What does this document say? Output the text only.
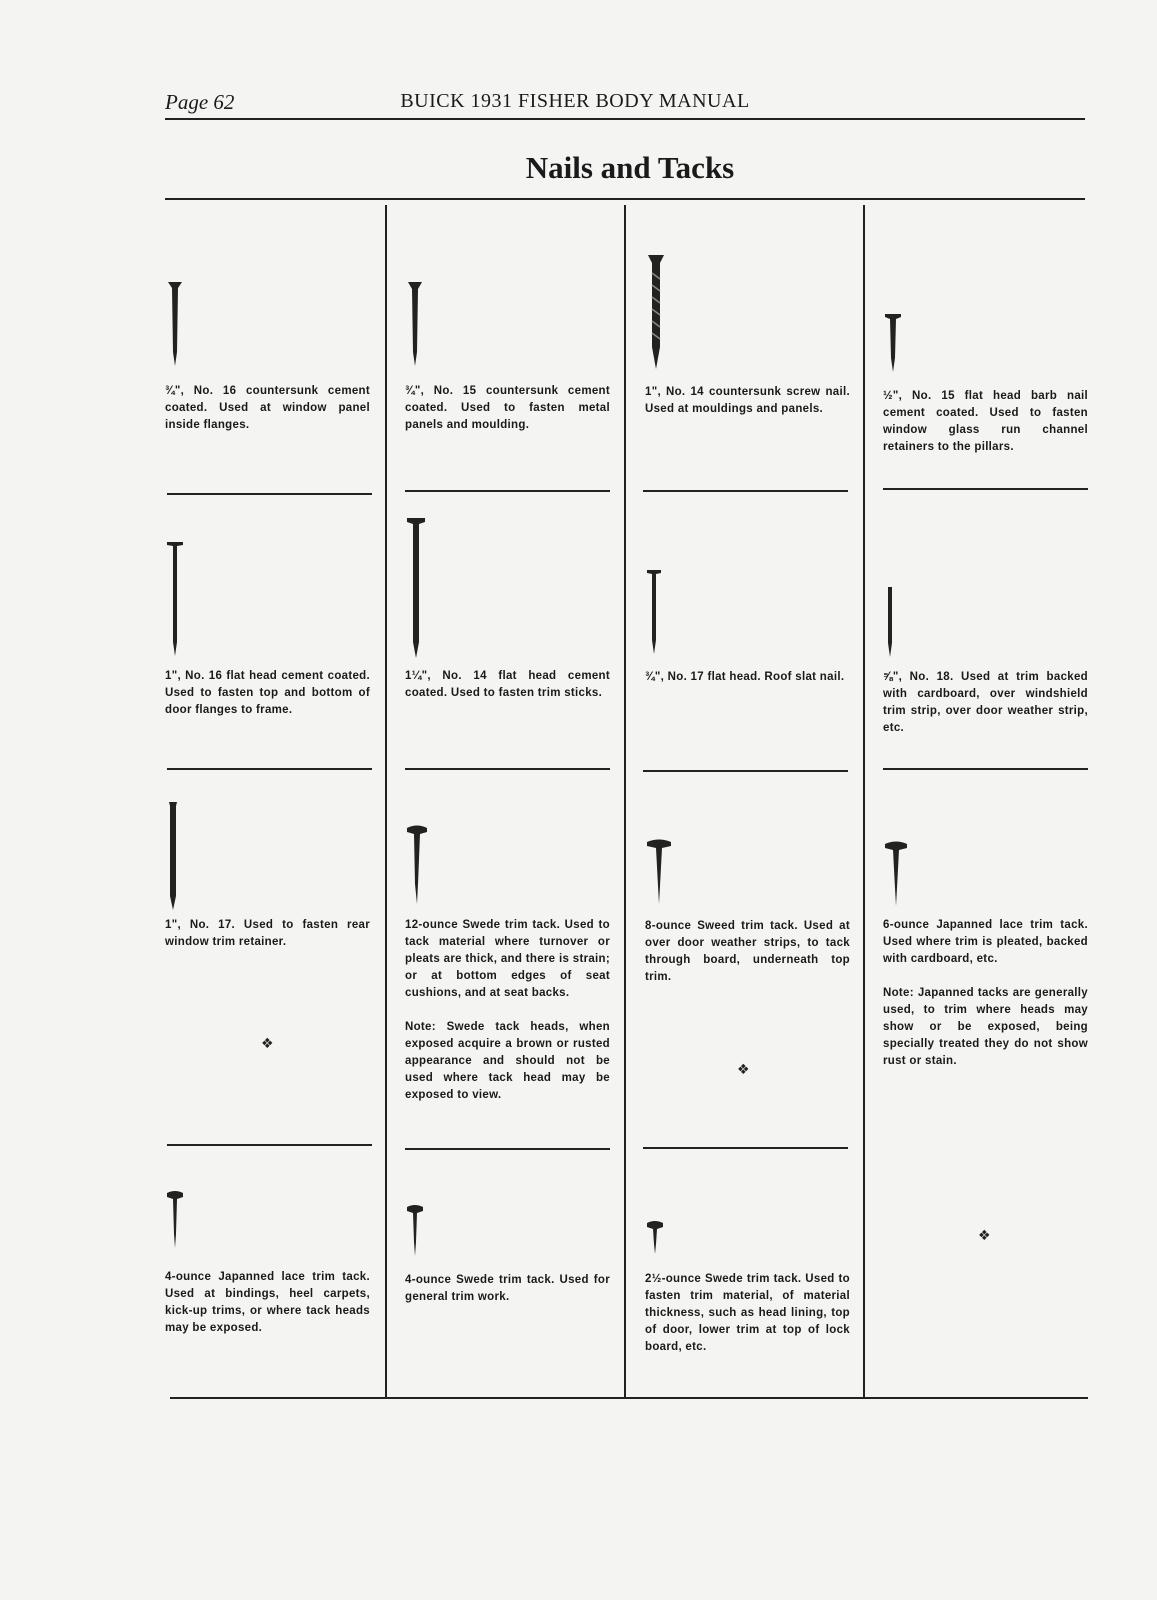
Page 62	BUICK 1931 FISHER BODY MANUAL
Nails and Tacks

¾", No. 16 countersunk cement coated. Used at window panel inside flanges.

¾", No. 15 countersunk cement coated. Used to fasten metal panels and moulding.

1", No. 14 countersunk screw nail. Used at mouldings and panels.

½", No. 15 flat head barb nail cement coated. Used to fasten window glass run channel retainers to the pillars.

1", No. 16 flat head cement coated. Used to fasten top and bottom of door flanges to frame.

1¼", No. 14 flat head cement coated. Used to fasten trim sticks.

¾", No. 17 flat head. Roof slat nail.	⅝", No. 18. Used at trim backed with cardboard, over windshield trim strip, over door weather strip, etc.

1", No. 17. Used to fasten rear window trim retainer.

❖

12-ounce Swede trim tack. Used to tack material where turnover or pleats are thick, and there is strain; or at bottom edges of seat cushions, and at seat backs.

Note: Swede tack heads, when exposed acquire a brown or rusted appearance and should not be used where tack head may be exposed to view.

8-ounce Sweed trim tack. Used at over door weather strips, to tack through board, underneath top trim.

❖

6-ounce Japanned lace trim tack. Used where trim is pleated, backed with cardboard, etc.

Note: Japanned tacks are generally used, to trim where heads may show or be exposed, being specially treated they do not show rust or stain.

❖

4-ounce Japanned lace trim tack. Used at bindings, heel carpets, kick-up trims, or where tack heads may be exposed.

4-ounce Swede trim tack. Used for general trim work.

2½-ounce Swede trim tack. Used to fasten trim material, of material thickness, such as head lining, top of door, lower trim at top of lock board, etc.
